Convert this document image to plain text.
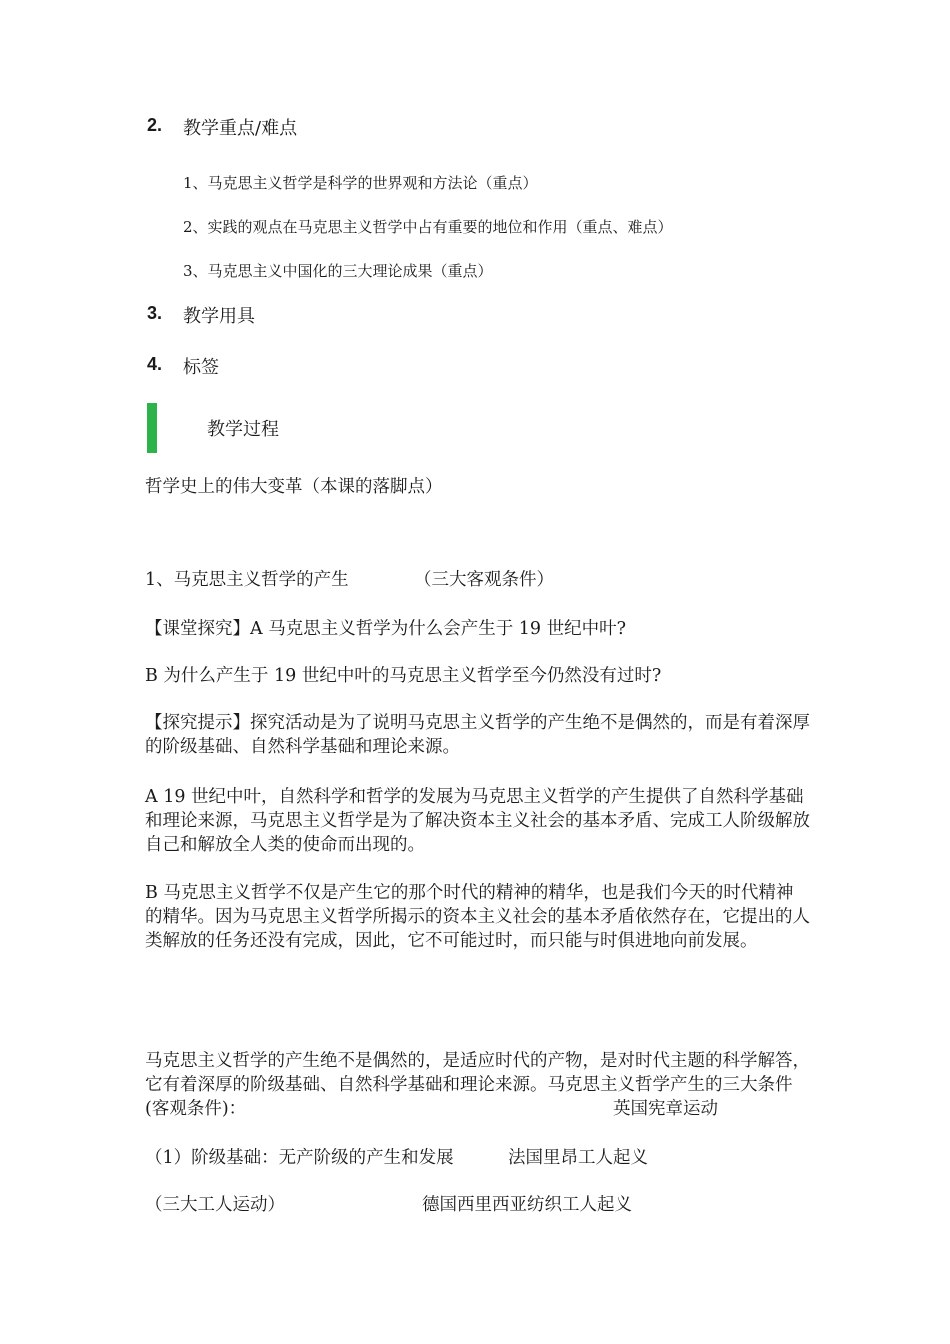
2. 教学重点/难点
1、马克思主义哲学是科学的世界观和方法论（重点）
2、实践的观点在马克思主义哲学中占有重要的地位和作用（重点、难点）
3、马克思主义中国化的三大理论成果（重点）
3. 教学用具
4. 标签
教学过程
哲学史上的伟大变革（本课的落脚点）
1、马克思主义哲学的产生	（三大客观条件）
【课堂探究】A 马克思主义哲学为什么会产生于 19 世纪中叶?
B 为什么产生于 19 世纪中叶的马克思主义哲学至今仍然没有过时?
【探究提示】探究活动是为了说明马克思主义哲学的产生绝不是偶然的，而是有着深厚的阶级基础、自然科学基础和理论来源。
A 19 世纪中叶，自然科学和哲学的发展为马克思主义哲学的产生提供了自然科学基础和理论来源，马克思主义哲学是为了解决资本主义社会的基本矛盾、完成工人阶级解放自己和解放全人类的使命而出现的。
B 马克思主义哲学不仅是产生它的那个时代的精神的精华，也是我们今天的时代精神的精华。因为马克思主义哲学所揭示的资本主义社会的基本矛盾依然存在，它提出的人类解放的任务还没有完成，因此，它不可能过时，而只能与时俱进地向前发展。
马克思主义哲学的产生绝不是偶然的，是适应时代的产物，是对时代主题的科学解答，它有着深厚的阶级基础、自然科学基础和理论来源。马克思主义哲学产生的三大条件(客观条件)：	英国宪章运动
（1）阶级基础：无产阶级的产生和发展	法国里昂工人起义
（三大工人运动）	德国西里西亚纺织工人起义
